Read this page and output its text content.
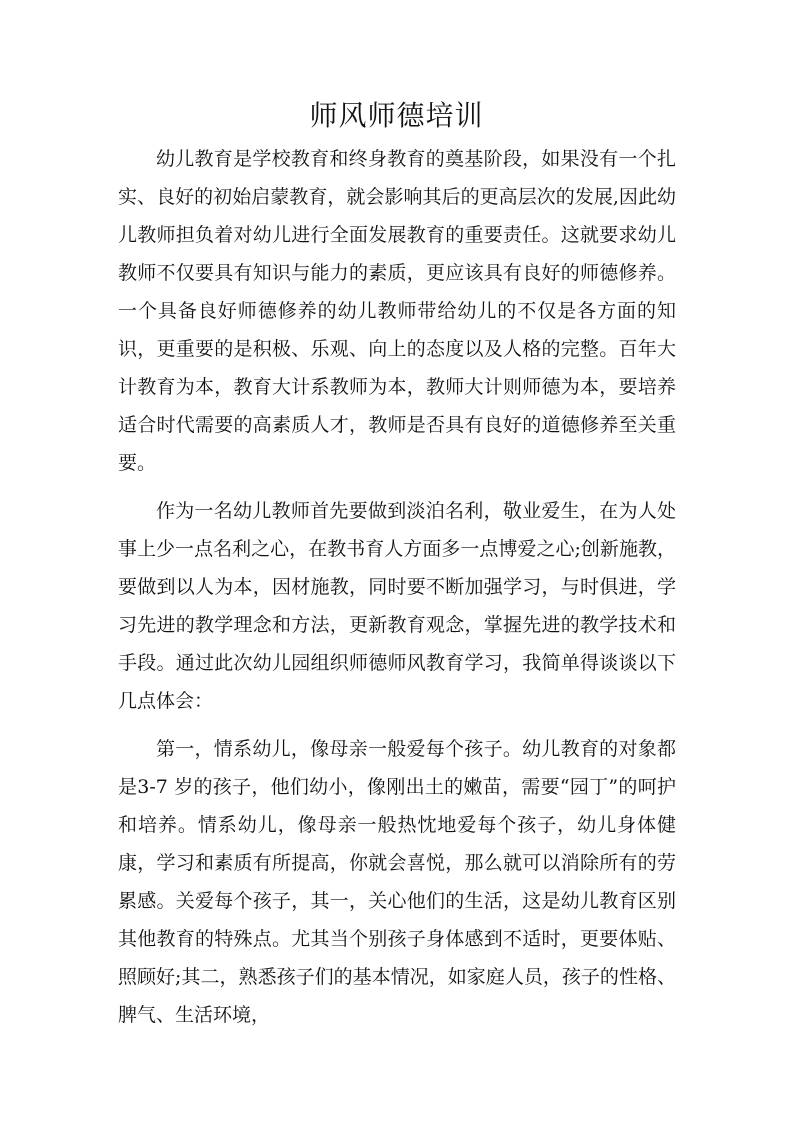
师风师德培训

幼儿教育是学校教育和终身教育的奠基阶段，如果没有一个扎实、良好的初始启蒙教育，就会影响其后的更高层次的发展,因此幼儿教师担负着对幼儿进行全面发展教育的重要责任。这就要求幼儿教师不仅要具有知识与能力的素质，更应该具有良好的师德修养。一个具备良好师德修养的幼儿教师带给幼儿的不仅是各方面的知识，更重要的是积极、乐观、向上的态度以及人格的完整。百年大计教育为本，教育大计系教师为本，教师大计则师德为本，要培养适合时代需要的高素质人才，教师是否具有良好的道德修养至关重要。

作为一名幼儿教师首先要做到淡泊名利，敬业爱生，在为人处事上少一点名利之心，在教书育人方面多一点博爱之心;创新施教，要做到以人为本，因材施教，同时要不断加强学习，与时俱进，学习先进的教学理念和方法，更新教育观念，掌握先进的教学技术和手段。通过此次幼儿园组织师德师风教育学习，我简单得谈谈以下几点体会：

第一，情系幼儿，像母亲一般爱每个孩子。幼儿教育的对象都是3-7 岁的孩子，他们幼小，像刚出土的嫩苗，需要“园丁”的呵护和培养。情系幼儿，像母亲一般热忱地爱每个孩子，幼儿身体健康，学习和素质有所提高，你就会喜悦，那么就可以消除所有的劳累感。关爱每个孩子，其一，关心他们的生活，这是幼儿教育区别其他教育的特殊点。尤其当个别孩子身体感到不适时，更要体贴、照顾好;其二，熟悉孩子们的基本情况，如家庭人员，孩子的性格、脾气、生活环境，
